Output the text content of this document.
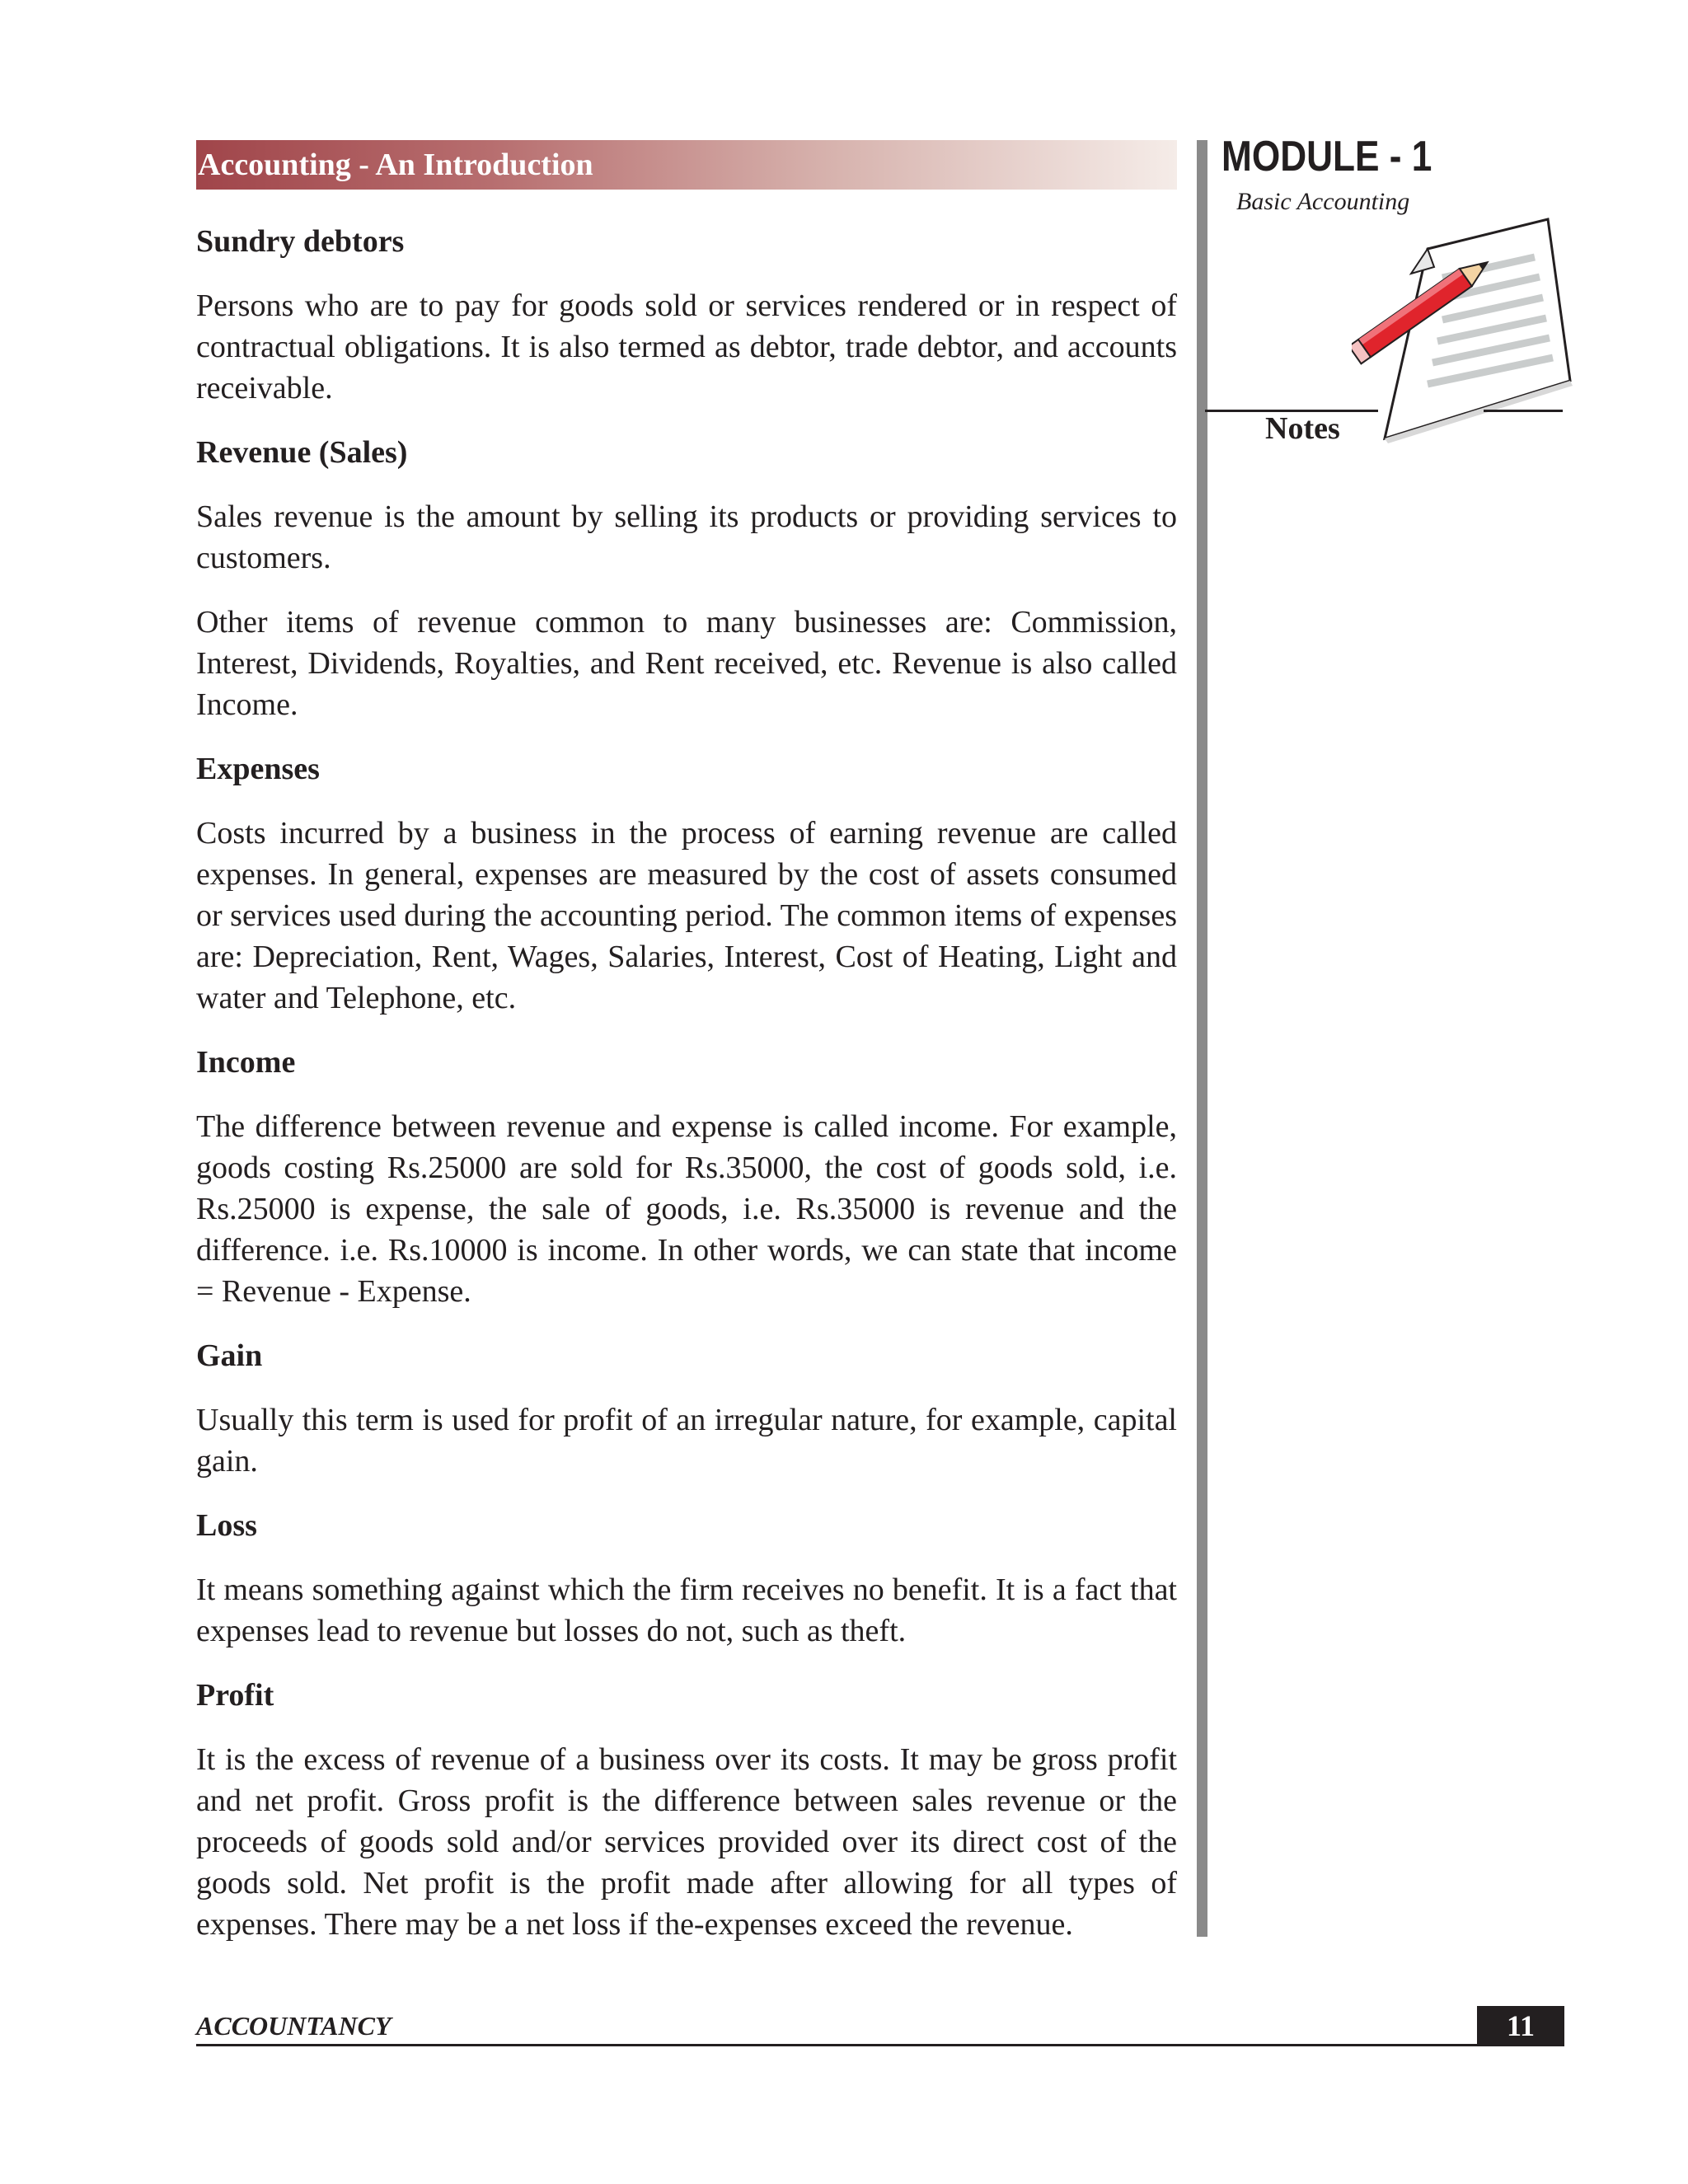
Accounting - An Introduction
Sundry debtors

Persons who are to pay for goods sold or services rendered or in respect of contractual obligations. It is also termed as debtor, trade debtor, and accounts receivable.

Revenue (Sales)

Sales revenue is the amount by selling its products or providing services to customers.

Other items of revenue common to many businesses are: Commission, Interest, Dividends, Royalties, and Rent received, etc. Revenue is also called Income.

Expenses

Costs incurred by a business in the process of earning revenue are called expenses. In general, expenses are measured by the cost of assets consumed or services used during the accounting period. The common items of expenses are: Depreciation, Rent, Wages, Salaries, Interest, Cost of Heating, Light and water and Telephone, etc.

Income

The difference between revenue and expense is called income. For example, goods costing Rs.25000 are sold for Rs.35000, the cost of goods sold, i.e. Rs.25000 is expense, the sale of goods, i.e. Rs.35000 is revenue and the difference. i.e. Rs.10000 is income. In other words, we can state that income = Revenue - Expense.

Gain

Usually this term is used for profit of an irregular nature, for example, capital gain.

Loss

It means something against which the firm receives no benefit. It is a fact that expenses lead to revenue but losses do not, such as theft.

Profit

It is the excess of revenue of a business over its costs. It may be gross profit and net profit. Gross profit is the difference between sales revenue or the proceeds of goods sold and/or services provided over its direct cost of the goods sold. Net profit is the profit made after allowing for all types of expenses. There may be a net loss if the-expenses exceed the revenue.

MODULE - 1
Basic Accounting
Notes
ACCOUNTANCY	11
